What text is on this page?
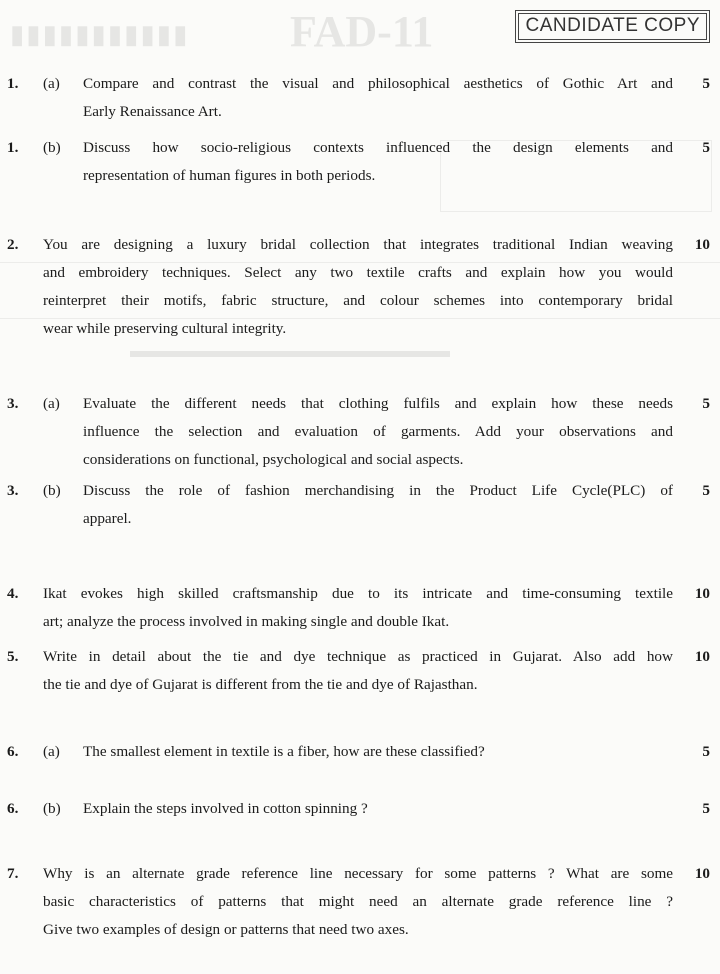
FAD-11
▮▮▮▮▮▮▮▮▮▮▮
▬▬▬▬▬▬▬▬▬▬▬▬▬▬▬▬
CANDIDATE COPY
1. (a) Compare and contrast the visual and philosophical aesthetics of Gothic Art and
Early Renaissance Art.
5
1. (b) Discuss how socio-religious contexts influenced the design elements and
representation of human figures in both periods.
5
2. You are designing a luxury bridal collection that integrates traditional Indian weaving
and embroidery techniques. Select any two textile crafts and explain how you would
reinterpret their motifs, fabric structure, and colour schemes into contemporary bridal
wear while preserving cultural integrity.
10
3. (a) Evaluate the different needs that clothing fulfils and explain how these needs
influence the selection and evaluation of garments. Add your observations and
considerations on functional, psychological and social aspects.
5
3. (b) Discuss the role of fashion merchandising in the Product Life Cycle(PLC) of
apparel.
5
4. Ikat evokes high skilled craftsmanship due to its intricate and time-consuming textile
art; analyze the process involved in making single and double Ikat.
10
5. Write in detail about the tie and dye technique as practiced in Gujarat. Also add how
the tie and dye of Gujarat is different from the tie and dye of Rajasthan.
10
6. (a) The smallest element in textile is a fiber, how are these classified?	5
6. (b) Explain the steps involved in cotton spinning ?	5
7. Why is an alternate grade reference line necessary for some patterns ? What are some
basic characteristics of patterns that might need an alternate grade reference line ?
Give two examples of design or patterns that need two axes.
10
